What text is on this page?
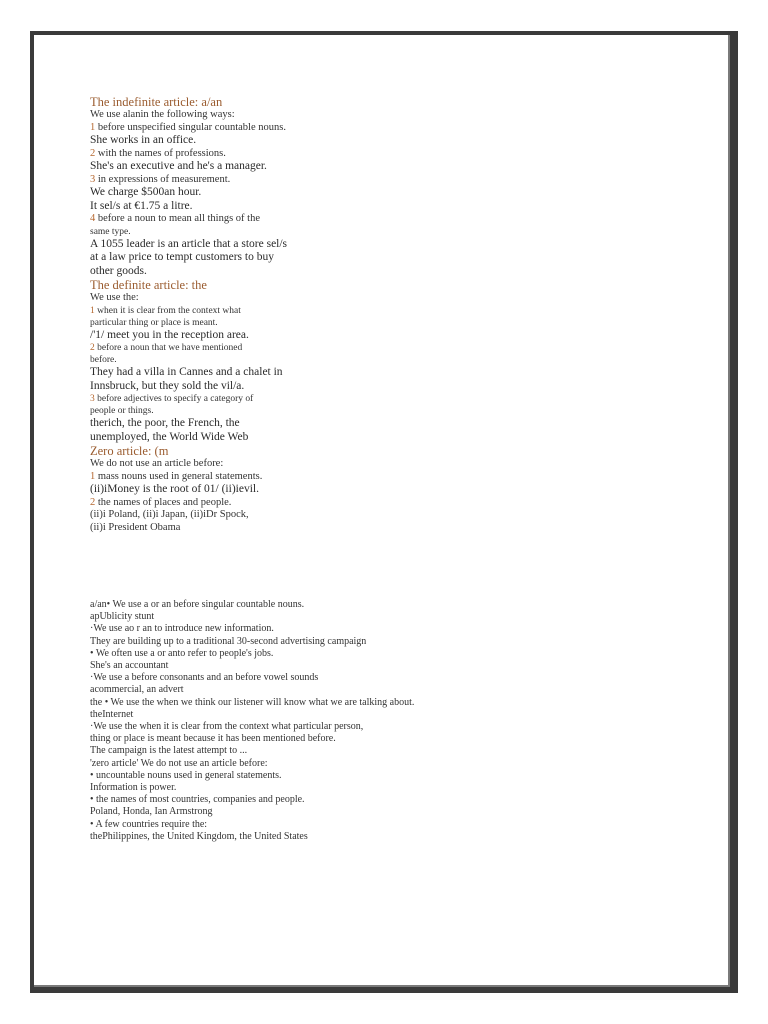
The indefinite article: a/an
We use alanin the following ways:
1 before unspecified singular countable nouns.
She works in an office.
2 with the names of professions.
She's an executive and he's a manager.
3 in expressions of measurement.
We charge $500an hour.
It sel/s at €1.75 a litre.
4 before a noun to mean all things of the
same type.
A 1055 leader is an article that a store sel/s
at a law price to tempt customers to buy
other goods.
The definite article: the
We use the:
1 when it is clear from the context what
particular thing or place is meant.
/'1/ meet you in the reception area.
2 before a noun that we have mentioned
before.
They had a villa in Cannes and a chalet in
Innsbruck, but they sold the vil/a.
3 before adjectives to specify a category of
people or things.
therich, the poor, the French, the
unemployed, the World Wide Web
Zero article: (m
We do not use an article before:
1 mass nouns used in general statements.
(ii)iMoney is the root of 01/ (ii)ievil.
2 the names of places and people.
(ii)i Poland, (ii)i Japan, (ii)iDr Spock,
(ii)i President Obama
a/an• We use a or an before singular countable nouns.
apUblicity stunt
·We use ao r an to introduce new information.
They are building up to a traditional 30-second advertising campaign
• We often use a or anto refer to people's jobs.
She's an accountant
·We use a before consonants and an before vowel sounds
acommercial, an advert
the • We use the when we think our listener will know what we are talking about.
theInternet
·We use the when it is clear from the context what particular person,
thing or place is meant because it has been mentioned before.
The campaign is the latest attempt to ...
'zero article' We do not use an article before:
• uncountable nouns used in general statements.
Information is power.
• the names of most countries, companies and people.
Poland, Honda, Ian Armstrong
• A few countries require the:
thePhilippines, the United Kingdom, the United States
